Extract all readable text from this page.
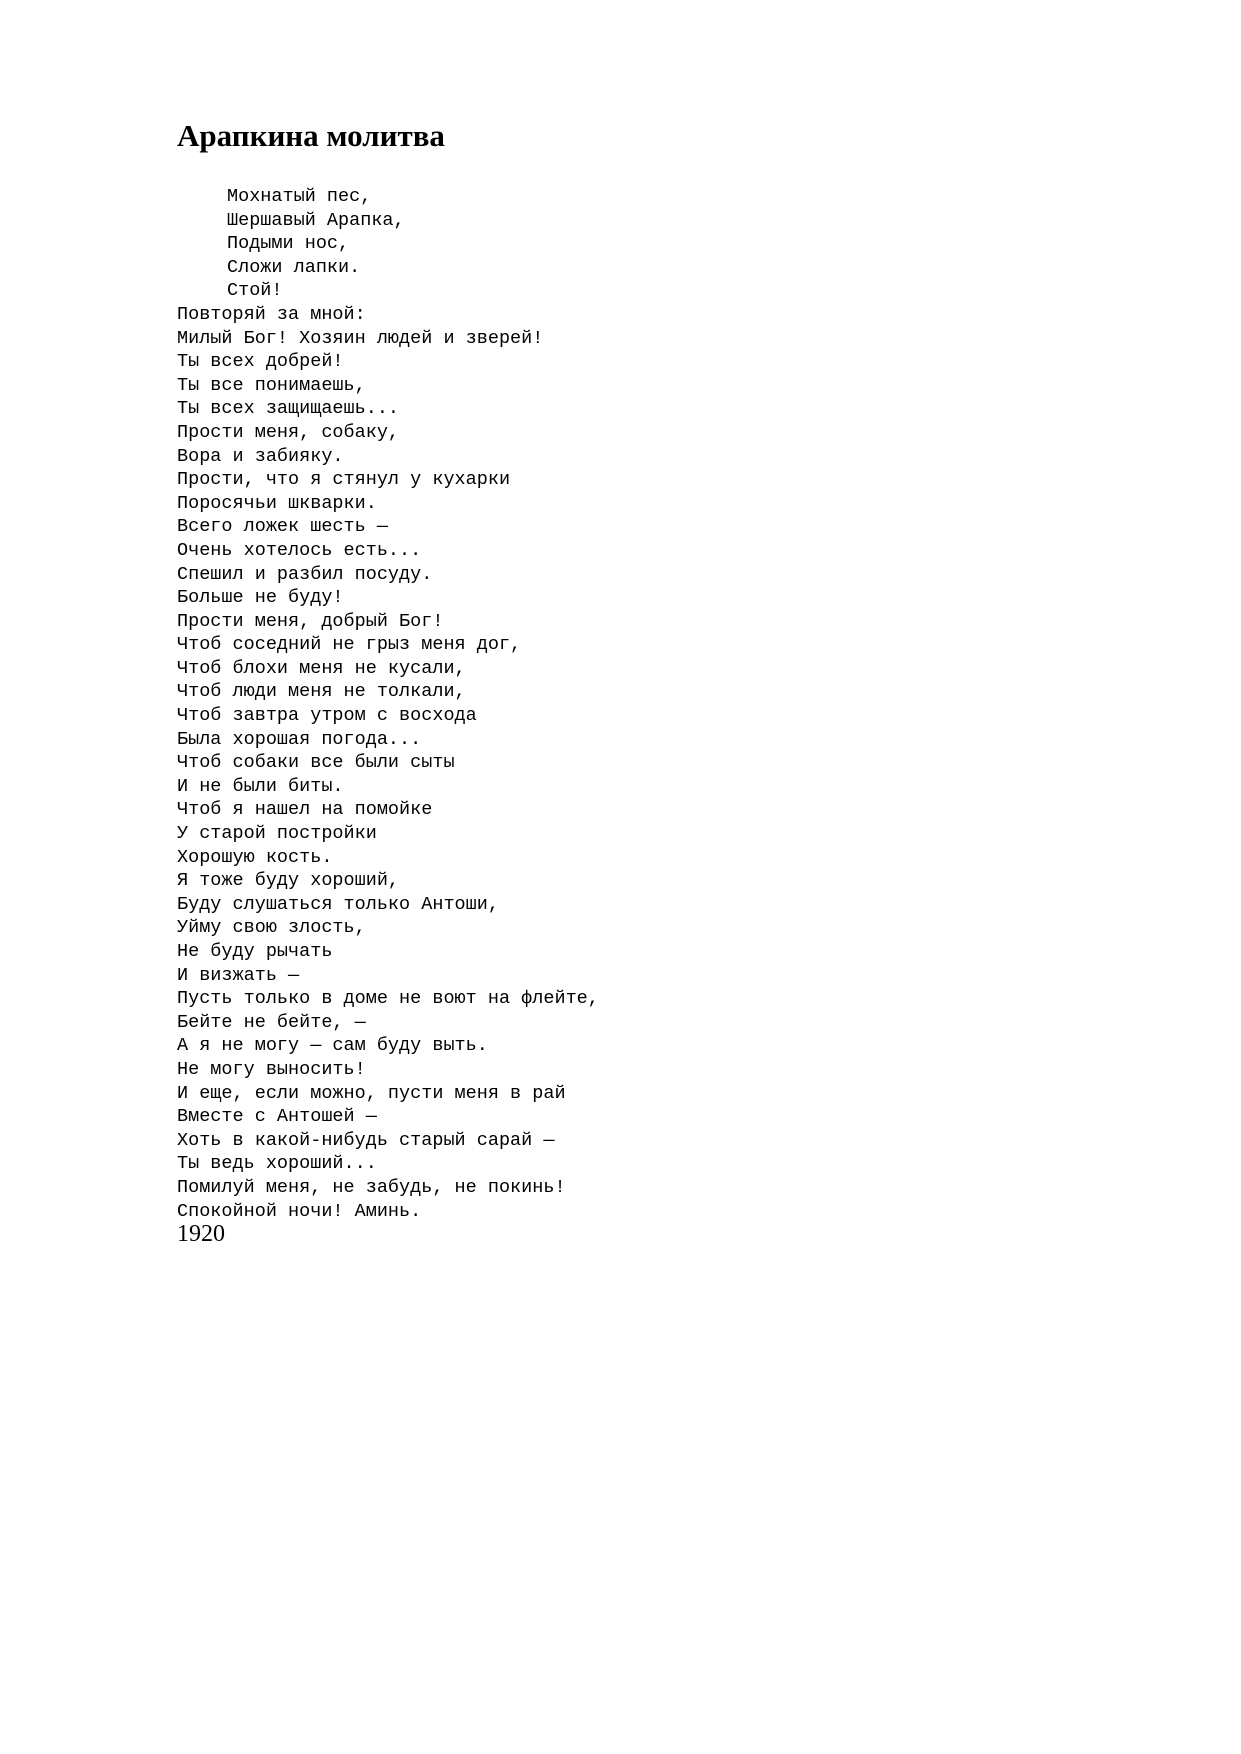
Арапкина молитва
Мохнатый пес,
Шершавый Арапка,
Подыми нос,
Сложи лапки.
Стой!
Повторяй за мной:
Милый Бог! Хозяин людей и зверей!
Ты всех добрей!
Ты все понимаешь,
Ты всех защищаешь...
Прости меня, собаку,
Вора и забияку.
Прости, что я стянул у кухарки
Поросячьи шкварки.
Всего ложек шесть —
Очень хотелось есть...
Спешил и разбил посуду.
Больше не буду!
Прости меня, добрый Бог!
Чтоб соседний не грыз меня дог,
Чтоб блохи меня не кусали,
Чтоб люди меня не толкали,
Чтоб завтра утром с восхода
Была хорошая погода...
Чтоб собаки все были сыты
И не были биты.
Чтоб я нашел на помойке
У старой постройки
Хорошую кость.
Я тоже буду хороший,
Буду слушаться только Антоши,
Уйму свою злость,
Не буду рычать
И визжать —
Пусть только в доме не воют на флейте,
Бейте не бейте, —
А я не могу — сам буду выть.
Не могу выносить!
И еще, если можно, пусти меня в рай
Вместе с Антошей —
Хоть в какой-нибудь старый сарай —
Ты ведь хороший...
Помилуй меня, не забудь, не покинь!
Спокойной ночи! Аминь.

1920
